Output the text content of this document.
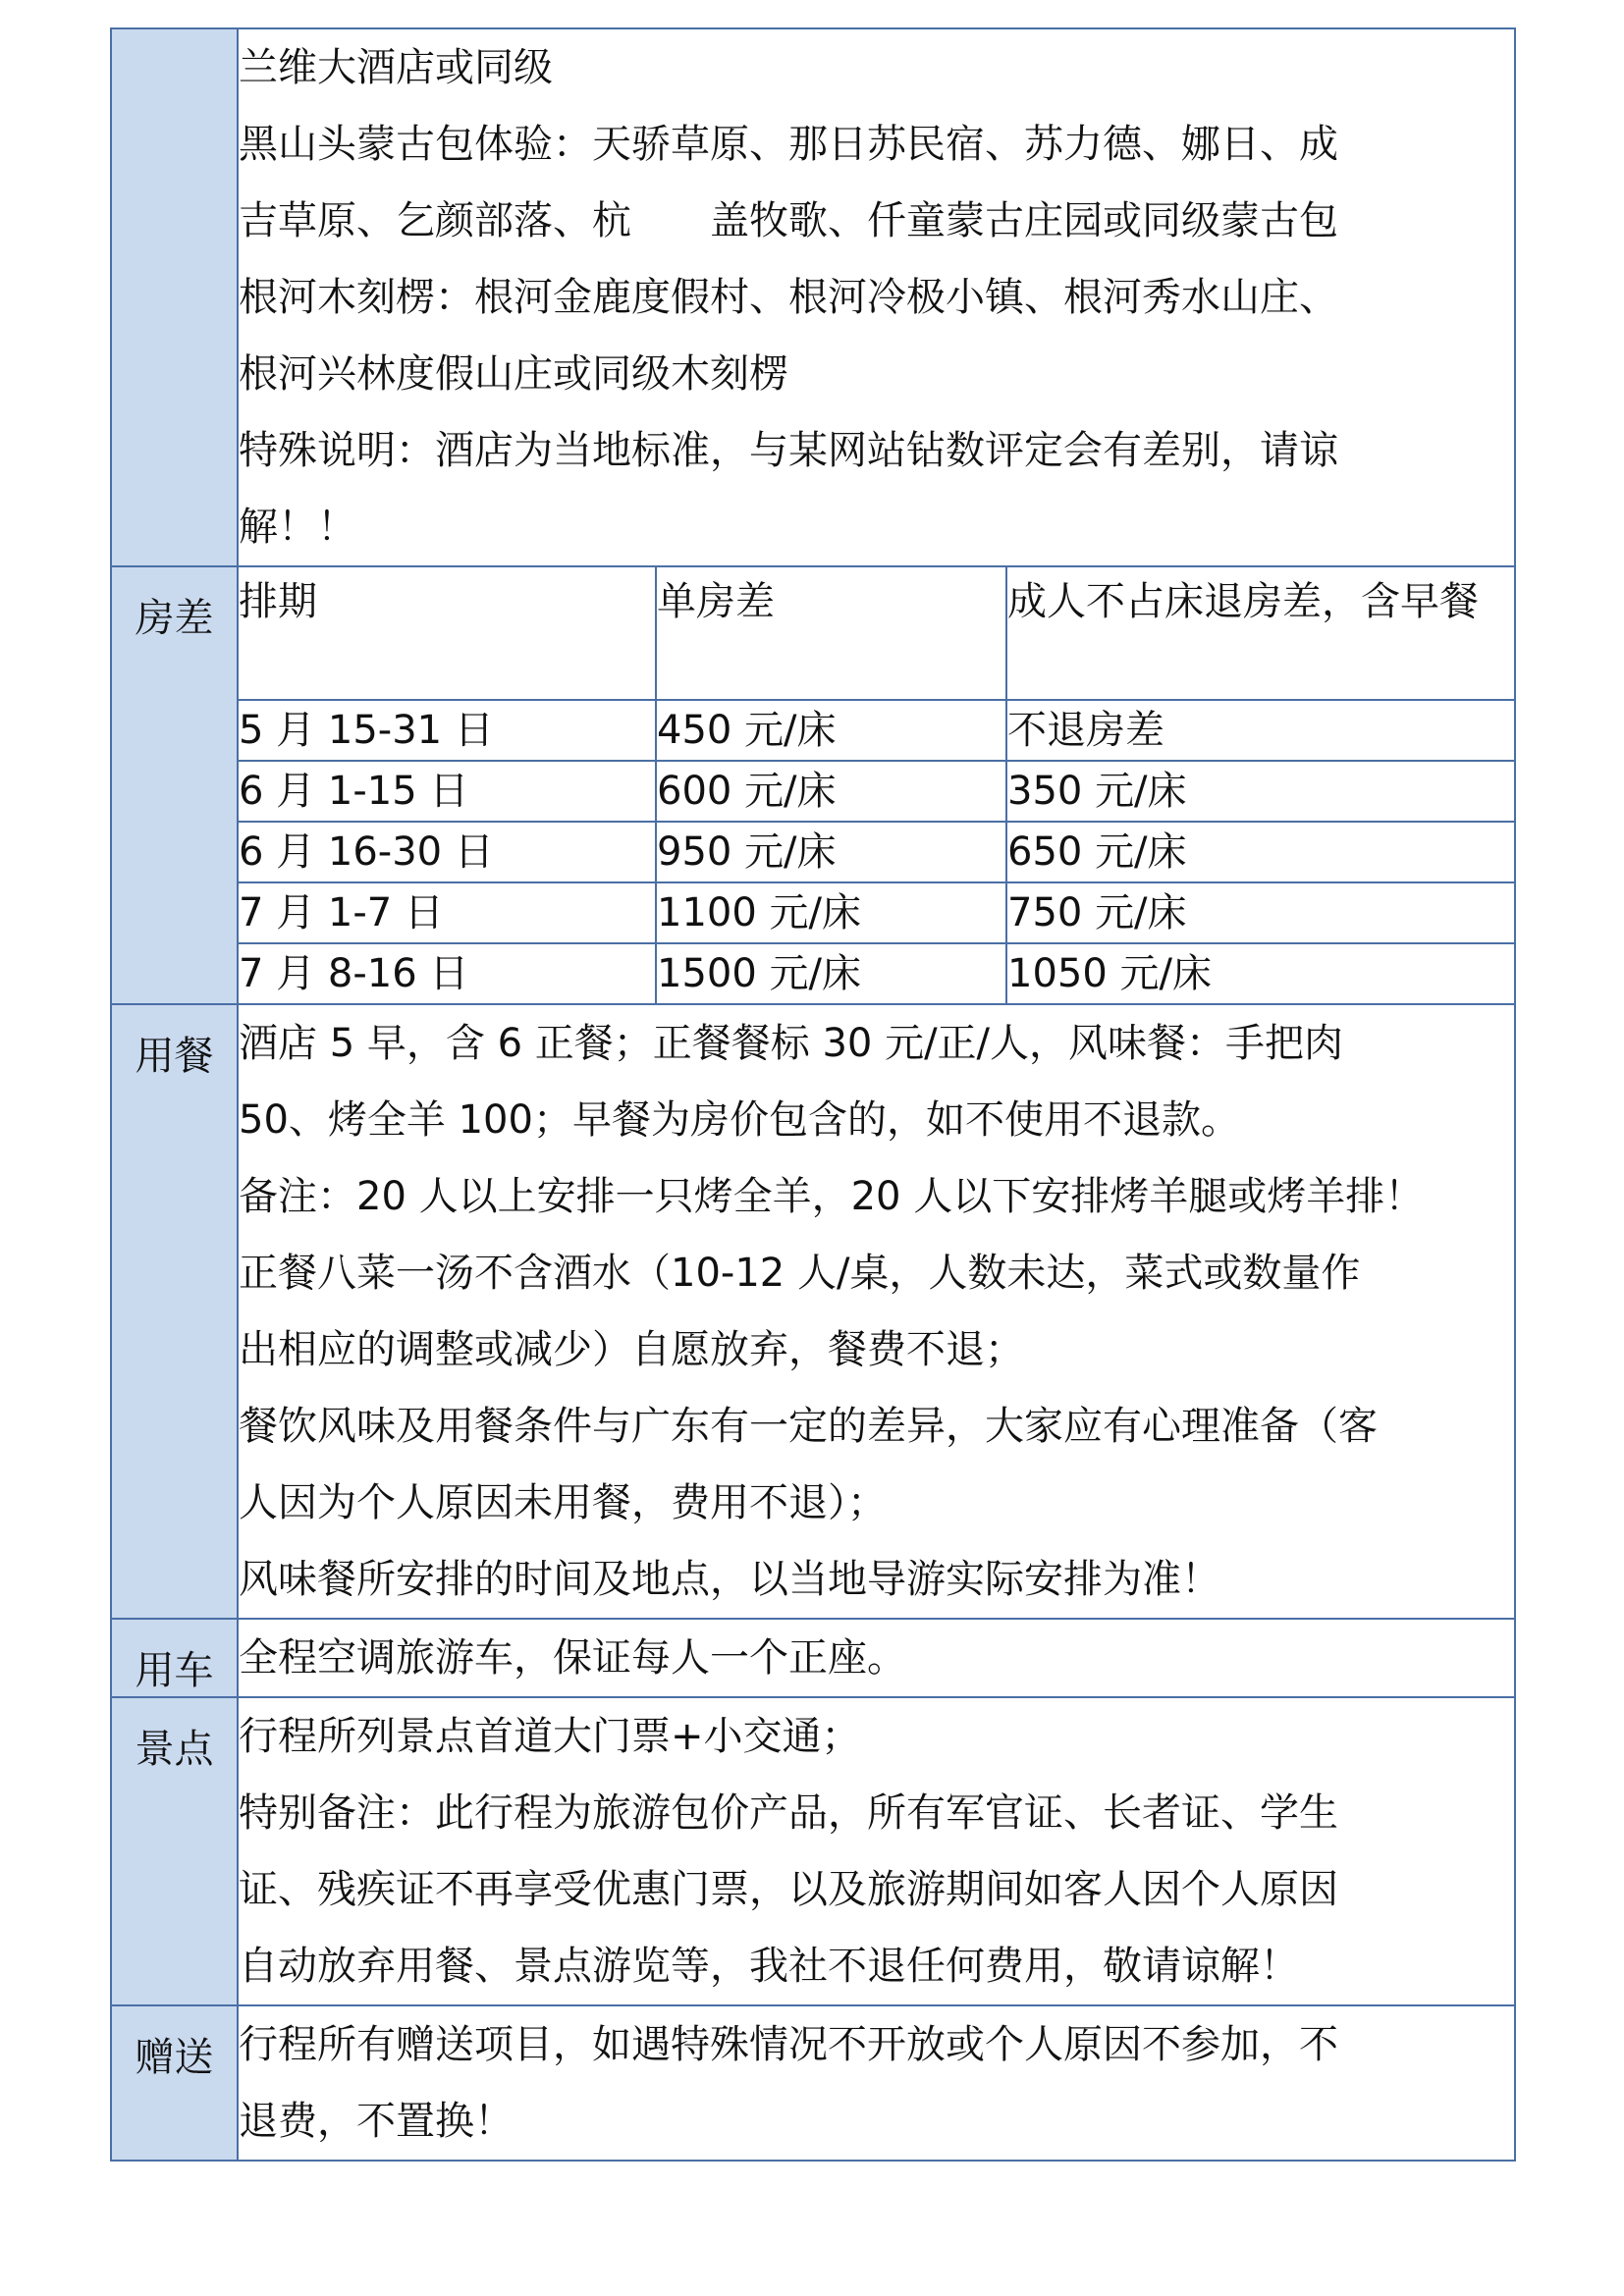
兰维大酒店或同级

黑山头蒙古包体验：天骄草原、那日苏民宿、苏力德、娜日、成

吉草原、乞颜部落、杭　　盖牧歌、仟童蒙古庄园或同级蒙古包

根河木刻楞：根河金鹿度假村、根河冷极小镇、根河秀水山庄、

根河兴林度假山庄或同级木刻楞

特殊说明：酒店为当地标准，与某网站钻数评定会有差别，请谅

解！！

房差
	排期	单房差	成人不占床退房差，含早餐
5 月 15-31 日	450 元/床	不退房差
6 月 1-15 日	600 元/床	350 元/床
6 月 16-30 日	950 元/床	650 元/床
7 月 1-7 日	1100 元/床	750 元/床
7 月 8-16 日	1500 元/床	1050 元/床

用餐	酒店 5 早，含 6 正餐；正餐餐标 30 元/正/人，风味餐：手把肉

50、烤全羊 100；早餐为房价包含的，如不使用不退款。

备注：20 人以上安排一只烤全羊，20 人以下安排烤羊腿或烤羊排！

正餐八菜一汤不含酒水（10-12 人/桌，人数未达，菜式或数量作

出相应的调整或减少）自愿放弃，餐费不退；

餐饮风味及用餐条件与广东有一定的差异，大家应有心理准备（客

人因为个人原因未用餐，费用不退）；

风味餐所安排的时间及地点，以当地导游实际安排为准！

用车	全程空调旅游车，保证每人一个正座。

景点	行程所列景点首道大门票+小交通；

特别备注：此行程为旅游包价产品，所有军官证、长者证、学生

证、残疾证不再享受优惠门票，以及旅游期间如客人因个人原因

自动放弃用餐、景点游览等，我社不退任何费用，敬请谅解！

赠送	行程所有赠送项目，如遇特殊情况不开放或个人原因不参加，不

退费，不置换！
